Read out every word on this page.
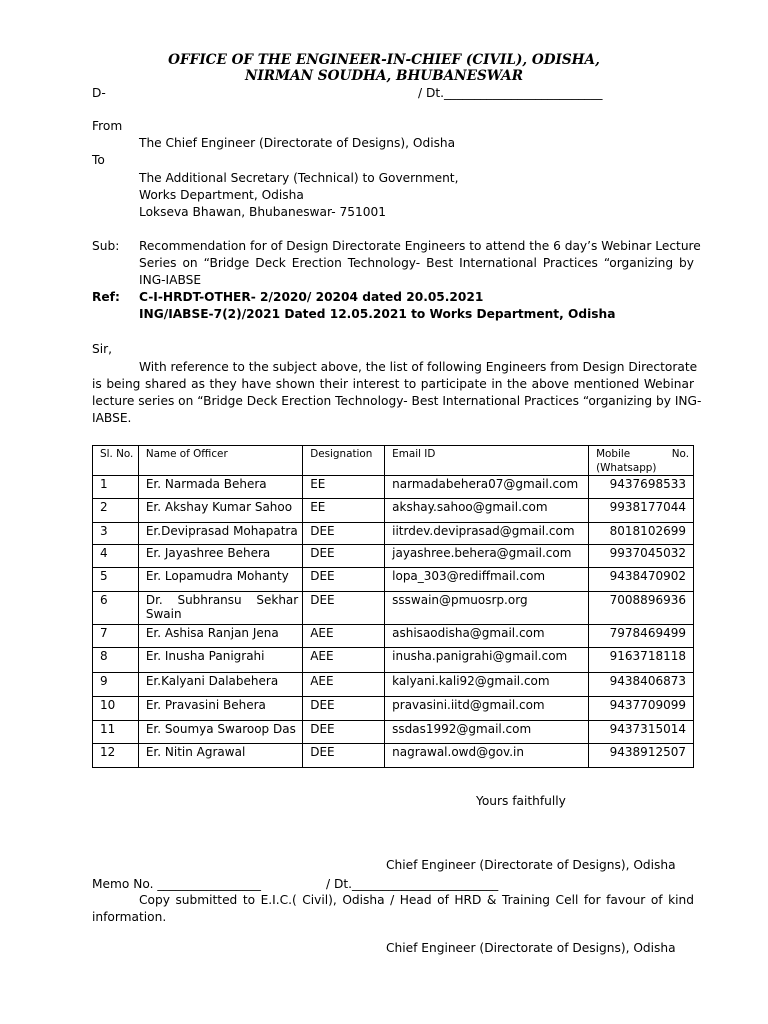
OFFICE OF THE ENGINEER-IN-CHIEF (CIVIL), ODISHA,
NIRMAN SOUDHA, BHUBANESWAR
D-	/ Dt.__________________________
From
The Chief Engineer (Directorate of Designs), Odisha
To
The Additional Secretary (Technical) to Government,
Works Department, Odisha
Lokseva Bhawan, Bhubaneswar- 751001
Sub: Recommendation for of Design Directorate Engineers to attend the 6 day’s Webinar Lecture
Series on “Bridge Deck Erection Technology- Best International Practices “organizing by
ING-IABSE
Ref: C-I-HRDT-OTHER- 2/2020/ 20204 dated 20.05.2021
ING/IABSE-7(2)/2021 Dated 12.05.2021 to Works Department, Odisha
Sir,
With reference to the subject above, the list of following Engineers from Design Directorate
is being shared as they have shown their interest to participate in the above mentioned Webinar
lecture series on “Bridge Deck Erection Technology- Best International Practices “organizing by ING-
IABSE.
Sl. No.	Name of Officer	Designation	Email ID	Mobile No.
(Whatsapp)

1	Er. Narmada Behera	EE	narmadabehera07@gmail.com	9437698533
2	Er. Akshay Kumar Sahoo	EE	akshay.sahoo@gmail.com	9938177044
3	Er.Deviprasad Mohapatra	DEE	iitrdev.deviprasad@gmail.com	8018102699
4	Er. Jayashree Behera	DEE	jayashree.behera@gmail.com	9937045032
5	Er. Lopamudra Mohanty	DEE	lopa_303@rediffmail.com	9438470902
6	Dr. Subhransu Sekhar Swain	DEE	ssswain@pmuosrp.org	7008896936
7	Er. Ashisa Ranjan Jena	AEE	ashisaodisha@gmail.com	7978469499
8	Er. Inusha Panigrahi	AEE	inusha.panigrahi@gmail.com	9163718118
9	Er.Kalyani Dalabehera	AEE	kalyani.kali92@gmail.com	9438406873
10	Er. Pravasini Behera	DEE	pravasini.iitd@gmail.com	9437709099
11	Er. Soumya Swaroop Das	DEE	ssdas1992@gmail.com	9437315014
12	Er. Nitin Agrawal	DEE	nagrawal.owd@gov.in	9438912507
Yours faithfully
Chief Engineer (Directorate of Designs), Odisha
Memo No. _________________	/ Dt.________________________
Copy submitted to E.I.C.( Civil), Odisha / Head of HRD & Training Cell for favour of kind
information.
Chief Engineer (Directorate of Designs), Odisha
